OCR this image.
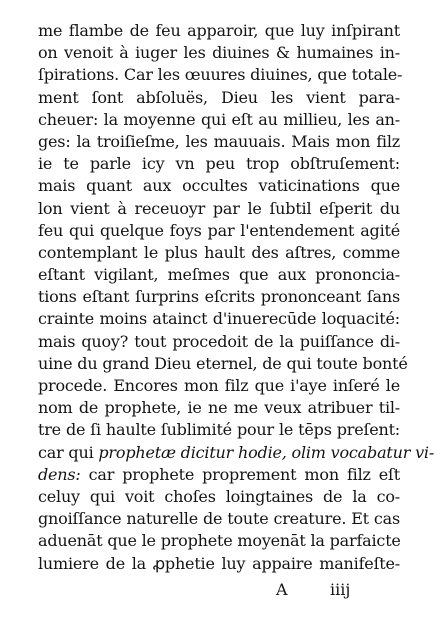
me flambe de feu apparoir, que luy inſpirant
on venoit à iuger les diuines & humaines in-
ſpirations. Car les œuures diuines, que totale-
ment ſont abſoluës, Dieu les vient para-
cheuer: la moyenne qui eſt au millieu, les an-
ges: la troiſieſme, les mauuais. Mais mon filz
ie te parle icy vn peu trop obſtruſement:
mais quant aux occultes vaticinations que
lon vient à receuoyr par le ſubtil eſperit du
feu qui quelque foys par l'entendement agité
contemplant le plus hault des aſtres, comme
eſtant vigilant, meſmes que aux prononcia-
tions eſtant ſurprins eſcrits prononceant ſans
crainte moins atainct d'inuerecūde loquacité:
mais quoy? tout procedoit de la puiſſance di-
uine du grand Dieu eternel, de qui toute bonté
procede. Encores mon filz que i'aye inſeré le
nom de prophete, ie ne me veux atribuer til-
tre de ſi haulte ſublimité pour le tēps preſent:
car qui prophetæ dicitur hodie, olim vocabatur vi-
dens: car prophete proprement mon filz eſt
celuy qui voit choſes loingtaines de la co-
gnoiſſance naturelle de toute creature. Et cas
aduenāt que le prophete moyenāt la parfaicte
lumiere de la ꝓphetie luy appaire manifeſte-
A	iiij
